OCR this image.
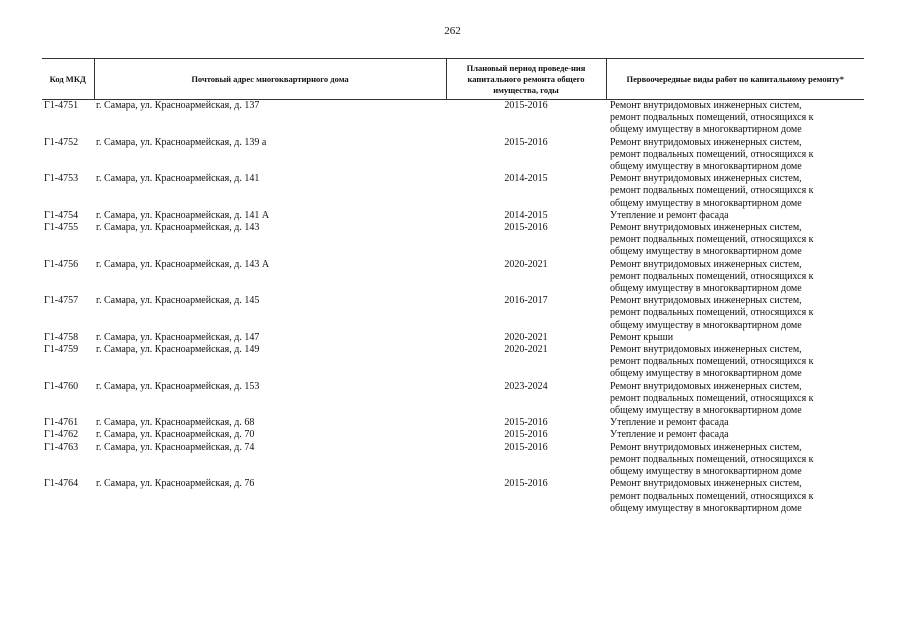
262
Код МКД	Почтовый адрес многоквартирного дома	Плановый период проведе-ния капитального ремонта общего имущества, годы	Первоочередные виды работ по капитальному ремонту*
Г1-4751	г. Самара, ул. Красноармейская, д. 137	2015-2016	Ремонт внутридомовых инженерных систем,
ремонт подвальных помещений, относящихся к
общему имуществу в многоквартирном доме
Г1-4752	г. Самара, ул. Красноармейская, д. 139 а	2015-2016	Ремонт внутридомовых инженерных систем,
ремонт подвальных помещений, относящихся к
общему имуществу в многоквартирном доме
Г1-4753	г. Самара, ул. Красноармейская, д. 141	2014-2015	Ремонт внутридомовых инженерных систем,
ремонт подвальных помещений, относящихся к
общему имуществу в многоквартирном доме
Г1-4754	г. Самара, ул. Красноармейская, д. 141 А	2014-2015	Утепление и ремонт фасада
Г1-4755	г. Самара, ул. Красноармейская, д. 143	2015-2016	Ремонт внутридомовых инженерных систем,
ремонт подвальных помещений, относящихся к
общему имуществу в многоквартирном доме
Г1-4756	г. Самара, ул. Красноармейская, д. 143 А	2020-2021	Ремонт внутридомовых инженерных систем,
ремонт подвальных помещений, относящихся к
общему имуществу в многоквартирном доме
Г1-4757	г. Самара, ул. Красноармейская, д. 145	2016-2017	Ремонт внутридомовых инженерных систем,
ремонт подвальных помещений, относящихся к
общему имуществу в многоквартирном доме
Г1-4758	г. Самара, ул. Красноармейская, д. 147	2020-2021	Ремонт крыши
Г1-4759	г. Самара, ул. Красноармейская, д. 149	2020-2021	Ремонт внутридомовых инженерных систем,
ремонт подвальных помещений, относящихся к
общему имуществу в многоквартирном доме
Г1-4760	г. Самара, ул. Красноармейская, д. 153	2023-2024	Ремонт внутридомовых инженерных систем,
ремонт подвальных помещений, относящихся к
общему имуществу в многоквартирном доме
Г1-4761	г. Самара, ул. Красноармейская, д. 68	2015-2016	Утепление и ремонт фасада
Г1-4762	г. Самара, ул. Красноармейская, д. 70	2015-2016	Утепление и ремонт фасада
Г1-4763	г. Самара, ул. Красноармейская, д. 74	2015-2016	Ремонт внутридомовых инженерных систем,
ремонт подвальных помещений, относящихся к
общему имуществу в многоквартирном доме
Г1-4764	г. Самара, ул. Красноармейская, д. 76	2015-2016	Ремонт внутридомовых инженерных систем,
ремонт подвальных помещений, относящихся к
общему имуществу в многоквартирном доме
